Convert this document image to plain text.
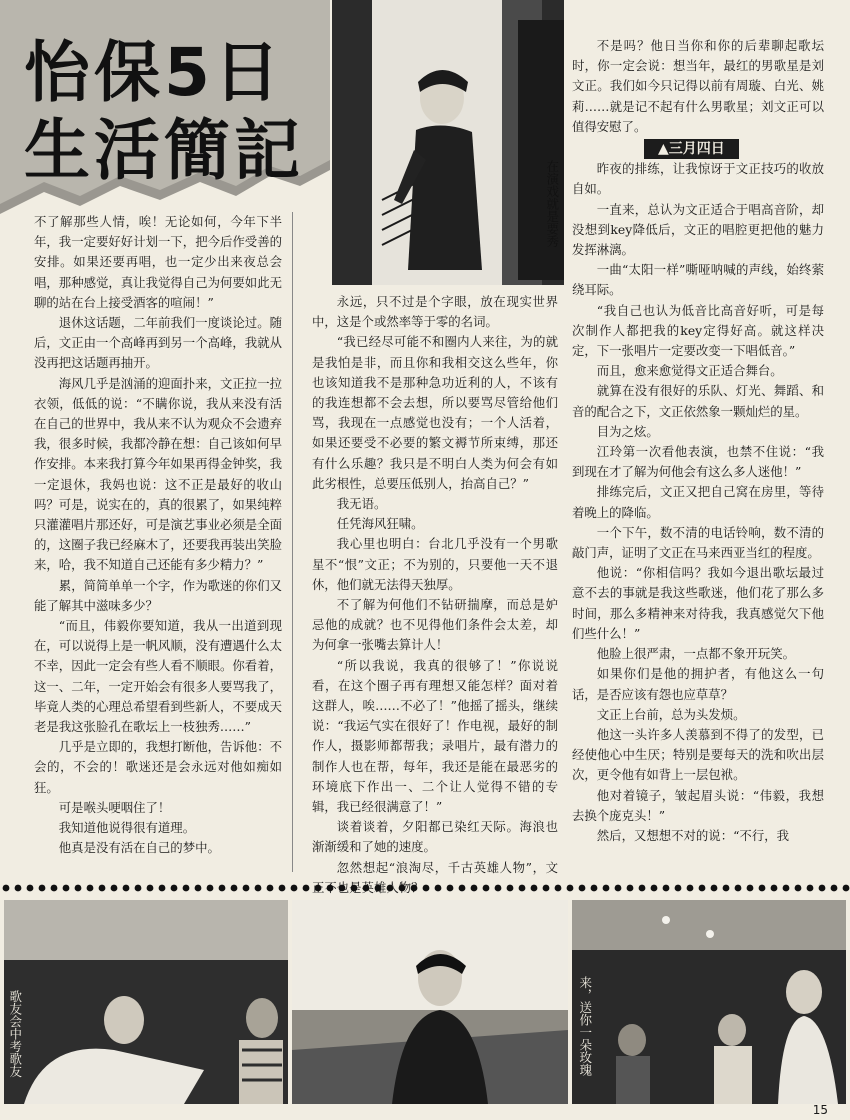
怡保5日
生活簡記
在演戏就是要秀

不了解那些人情，唉！无论如何，今年下半年，我一定要好好计划一下，把今后作受善的安排。如果还要再唱，也一定少出来夜总会唱，那种感觉，真让我觉得自己为何要如此无聊的站在台上接受酒客的喧闹！”

退休这话题，二年前我们一度谈论过。随后，文正由一个高峰再到另一个高峰，我就从没再把这话题再抽开。

海风几乎是汹涌的迎面扑来，文正拉一拉衣领，低低的说：“不瞒你说，我从来没有活在自己的世界中，我从来不认为观众不会遗弃我，很多时候，我都冷静在想：自己该如何早作安排。本来我打算今年如果再得金钟奖，我一定退休，我妈也说：这不正是最好的收山吗？可是，说实在的，真的很累了，如果纯粹只灌灌唱片那还好，可是演艺事业必须是全面的，这圈子我已经麻木了，还要我再装出笑脸来，哈，我不知道自己还能有多少精力？”

累，简简单单一个字，作为歌迷的你们又能了解其中滋味多少？

“而且，伟毅你要知道，我从一出道到现在，可以说得上是一帆风顺，没有遭遇什么太不幸，因此一定会有些人看不顺眼。你看着，这一、二年，一定开始会有很多人要骂我了，毕竟人类的心理总希望看到些新人，不要成天老是我这张脸孔在歌坛上一枝独秀……”

几乎是立即的，我想打断他，告诉他：不会的，不会的！歌迷还是会永远对他如痴如狂。

可是喉头哽咽住了！

我知道他说得很有道理。

他真是没有活在自己的梦中。

永远，只不过是个字眼，放在现实世界中，这是个或然率等于零的名词。

“我已经尽可能不和圈内人来往，为的就是我怕是非，而且你和我相交这么些年，你也该知道我不是那种急功近利的人，不该有的我连想都不会去想，所以要骂尽管给他们骂，我现在一点感觉也没有；一个人活着，如果还要受不必要的繁文褥节所束缚，那还有什么乐趣？我只是不明白人类为何会有如此劣根性，总要压低别人，抬高自己？”

我无语。

任凭海风狂啸。

我心里也明白：台北几乎没有一个男歌星不“恨”文正；不为别的，只要他一天不退休，他们就无法得天独厚。

不了解为何他们不钻研揣摩，而总是妒忌他的成就？也不见得他们条件会太差，却为何拿一张嘴去算计人！

“所以我说，我真的很够了！”你说说看，在这个圈子再有理想又能怎样？面对着这群人，唉……不必了！”他摇了摇头，继续说：“我运气实在很好了！作电视，最好的制作人，摄影师都帮我；录唱片，最有潜力的制作人也在帮，每年，我还是能在最恶劣的环境底下作出一、二个让人觉得不错的专辑，我已经很满意了！”

谈着谈着，夕阳都已染红天际。海浪也渐渐缓和了她的速度。

忽然想起“浪淘尽，千古英雄人物”，文

不是吗？他日当你和你的后辈聊起歌坛时，你一定会说：想当年，最红的男歌星是刘文正。我们如今只记得以前有周璇、白光、姚莉……就是记不起有什么男歌星；刘文正可以值得安慰了。

▲三月四日

昨夜的排练，让我惊讶于文正技巧的收放自如。

一直来，总认为文正适合于唱高音阶，却没想到key降低后，文正的唱腔更把他的魅力发挥淋漓。

一曲“太阳一样”嘶哑呐喊的声线，始终萦绕耳际。

“我自己也认为低音比高音好听，可是每次制作人都把我的key定得好高。就这样决定，下一张唱片一定要改变一下唱低音。”

而且，愈来愈觉得文正适合舞台。

就算在没有很好的乐队、灯光、舞蹈、和音的配合之下，文正依然象一颗灿烂的星。

目为之炫。

江玲第一次看他表演，也禁不住说：“我到现在才了解为何他会有这么多人迷他！”

排练完后，文正又把自己窝在房里，等待着晚上的降临。

一个下午，数不清的电话铃响，数不清的敲门声，证明了文正在马来西亚当红的程度。

他说：“你相信吗？我如今退出歌坛最过意不去的事就是我这些歌迷，他们花了那么多时间，那么多精神来对待我，我真感觉欠下他们些什么！”

他脸上很严肃，一点都不象开玩笑。

如果你们是他的拥护者，有他这么一句话，是否应该有怨也应草草？

文正上台前，总为头发烦。

他这一头许多人羡慕到不得了的发型，已经使他心中生厌；特别是要每天的洗和吹出层次，更令他有如背上一层包袱。

他对着镜子，皱起眉头说：“伟毅，我想去换个庞克头！”

然后，又想想不对的说：“不行，我

歌友会中考歌友	来，送你一朵玫瑰
15
